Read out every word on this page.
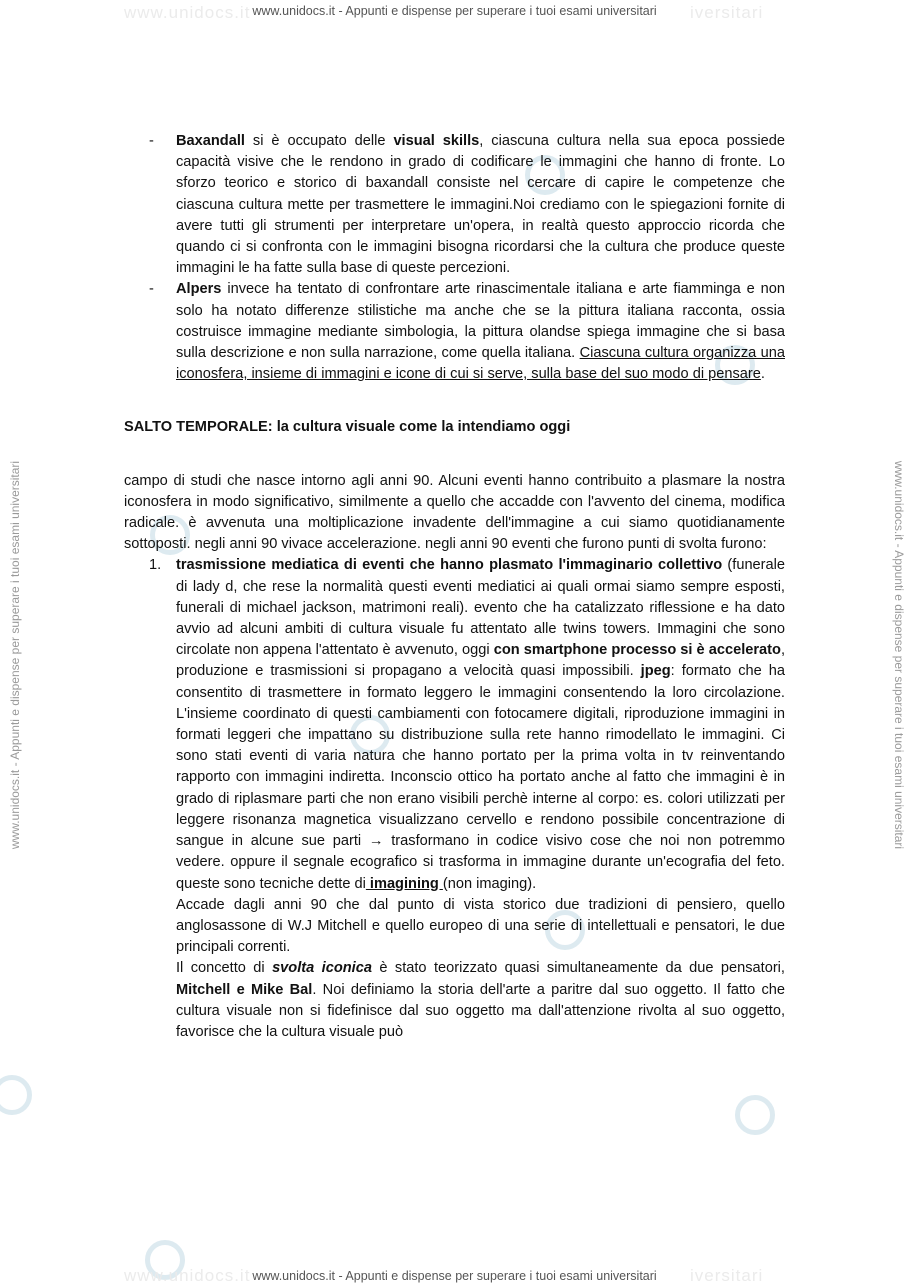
www.unidocs.it	iversitari
www.unidocs.it - Appunti e dispense per superare i tuoi esami universitari
www.unidocs.it - Appunti e dispense per superare i tuoi esami universitari	www.unidocs.it - Appunti e dispense per superare i tuoi esami universitari
- Baxandall si è occupato delle visual skills, ciascuna cultura nella sua epoca possiede capacità visive che le rendono in grado di codificare le immagini che hanno di fronte. Lo sforzo teorico e storico di baxandall consiste nel cercare di capire le competenze che ciascuna cultura mette per trasmettere le immagini.Noi crediamo con le spiegazioni fornite di avere tutti gli strumenti per interpretare un'opera, in realtà questo approccio ricorda che quando ci si confronta con le immagini bisogna ricordarsi che la cultura che produce queste immagini le ha fatte sulla base di queste percezioni.
- Alpers invece ha tentato di confrontare arte rinascimentale italiana e arte fiamminga e non solo ha notato differenze stilistiche ma anche che se la pittura italiana racconta, ossia costruisce immagine mediante simbologia, la pittura olandse spiega immagine che si basa sulla descrizione e non sulla narrazione, come quella italiana. Ciascuna cultura organizza una iconosfera, insieme di immagini e icone di cui si serve, sulla base del suo modo di pensare.
SALTO TEMPORALE: la cultura visuale come la intendiamo oggi

campo di studi che nasce intorno agli anni 90. Alcuni eventi hanno contribuito a plasmare la nostra iconosfera in modo significativo, similmente a quello che accadde con l'avvento del cinema, modifica radicale. è avvenuta una moltiplicazione invadente dell'immagine a cui siamo quotidianamente sottoposti. negli anni 90 vivace accelerazione. negli anni 90 eventi che furono punti di svolta furono:

1. trasmissione mediatica di eventi che hanno plasmato l'immaginario collettivo (funerale di lady d, che rese la normalità questi eventi mediatici ai quali ormai siamo sempre esposti, funerali di michael jackson, matrimoni reali). evento che ha catalizzato riflessione e ha dato avvio ad alcuni ambiti di cultura visuale fu attentato alle twins towers. Immagini che sono circolate non appena l'attentato è avvenuto, oggi con smartphone processo si è accelerato, produzione e trasmissioni si propagano a velocità quasi impossibili. jpeg: formato che ha consentito di trasmettere in formato leggero le immagini consentendo la loro circolazione. L'insieme coordinato di questi cambiamenti con fotocamere digitali, riproduzione immagini in formati leggeri che impattano su distribuzione sulla rete hanno rimodellato le immagini. Ci sono stati eventi di varia natura che hanno portato per la prima volta in tv reinventando rapporto con immagini indiretta. Inconscio ottico ha portato anche al fatto che immagini è in grado di riplasmare parti che non erano visibili perchè interne al corpo: es. colori utilizzati per leggere risonanza magnetica visualizzano cervello e rendono possibile concentrazione di sangue in alcune sue parti → trasformano in codice visivo cose che noi non potremmo vedere. oppure il segnale ecografico si trasforma in immagine durante un'ecografia del feto. queste sono tecniche dette di imagining (non imaging).

Accade dagli anni 90 che dal punto di vista storico due tradizioni di pensiero, quello anglosassone di W.J Mitchell e quello europeo di una serie di intellettuali e pensatori, le due principali correnti.

Il concetto di svolta iconica è stato teorizzato quasi simultaneamente da due pensatori, Mitchell e Mike Bal. Noi definiamo la storia dell'arte a paritre dal suo oggetto. Il fatto che cultura visuale non si fidefinisce dal suo oggetto ma dall'attenzione rivolta al suo oggetto, favorisce che la cultura visuale può

www.unidocs.it	iversitari
www.unidocs.it - Appunti e dispense per superare i tuoi esami universitari
